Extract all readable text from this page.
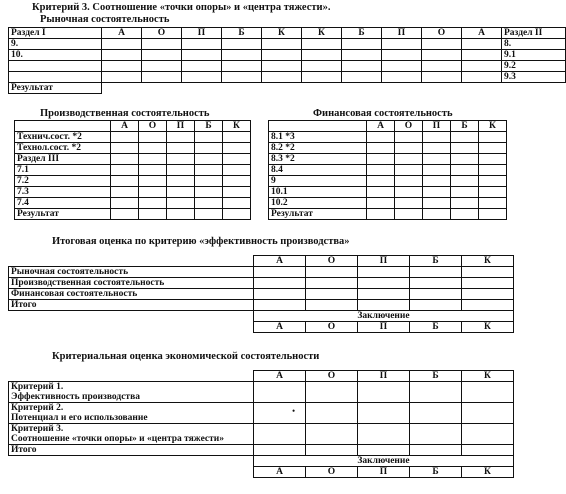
Критерий 3. Соотношение «точки опоры» и «центра тяжести».
Рыночная состоятельность
Раздел I	А	О	П	Б	К	К	Б	П	О	А	Раздел II
9.											8.
10.											9.1
											9.2
											9.3
Результат											
Производственная состоятельность	Финансовая состоятельность
	А	О	П	Б	К
Технич.сост. *2					
Технол.сост. *2					
Раздел III					
7.1					
7.2					
7.3					
7.4					
Результат					
	А	О	П	Б	К
8.1 *3					
8.2 *2					
8.3 *2					
8.4					
9					
10.1					
10.2					
Результат					
Итоговая оценка по критерию «эффективность производства»
	А	О	П	Б	К
Рыночная состоятельность					
Производственная состоятельность					
Финансовая состоятельность					
Итого					
	Заключение				
	А	О	П	Б	К
Критериальная оценка экономической состоятельности
	А	О	П	Б	К

Критерий 1.
Эффективность производства					

Критерий 2.
Потенциал и его использование	•				

Критерий 3.
Соотношение «точки опоры» и «центра тяжести»					

Итого					
	Заключение				
	А	О	П	Б	К
